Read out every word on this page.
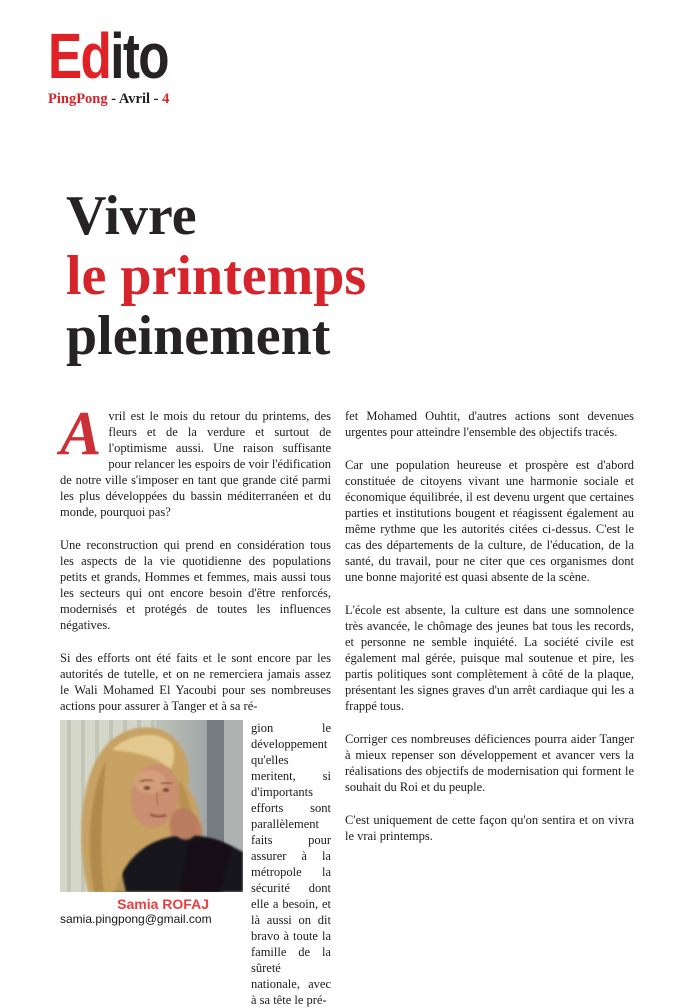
Edito
PingPong - Avril - 4
Vivre
le printemps
pleinement

Avril est le mois du retour du printems, des fleurs et de la verdure et surtout de l'optimisme aussi. Une raison suffisante pour relancer les espoirs de voir l'édification de notre ville s'imposer en tant que grande cité parmi les plus développées du bassin méditerranéen et du monde, pourquoi pas?

Une reconstruction qui prend en considération tous les aspects de la vie quotidienne des populations petits et grands, Hommes et femmes, mais aussi tous les secteurs qui ont encore besoin d'être renforcés, modernisés et protégés de toutes les influences négatives.

Si des efforts ont été faits et le sont encore par les autorités de tutelle, et on ne remerciera jamais assez le Wali Mohamed El Yacoubi pour ses nombreuses actions pour assurer à Tanger et à sa ré-

Samia ROFAJ
samia.pingpong@gmail.com
gion le développement qu'elles meritent, si d'importants efforts sont parallèlement faits pour assurer à la métropole la sécurité dont elle a besoin, et là aussi on dit bravo à toute la famille de la sûreté nationale, avec à sa tête le pré-

fet Mohamed Ouhtit, d'autres actions sont devenues urgentes pour atteindre l'ensemble des objectifs tracés.

Car une population heureuse et prospère est d'abord constituée de citoyens vivant une harmonie sociale et économique équilibrée, il est devenu urgent que certaines parties et institutions bougent et réagissent également au même rythme que les autorités citées ci-dessus. C'est le cas des départements de la culture, de l'éducation, de la santé, du travail, pour ne citer que ces organismes dont une bonne majorité est quasi absente de la scène.

L'école est absente, la culture est dans une somnolence très avancée, le chômage des jeunes bat tous les records, et personne ne semble inquiété. La société civile est également mal gérée, puisque mal soutenue et pire, les partis politiques sont complètement à côté de la plaque, présentant les signes graves d'un arrêt cardiaque qui les a frappé tous.

Corriger ces nombreuses déficiences pourra aider Tanger à mieux repenser son développement et avancer vers la réalisations des objectifs de modernisation qui forment le souhait du Roi et du peuple.

C'est uniquement de cette façon qu'on sentira et on vivra le vrai printemps.
